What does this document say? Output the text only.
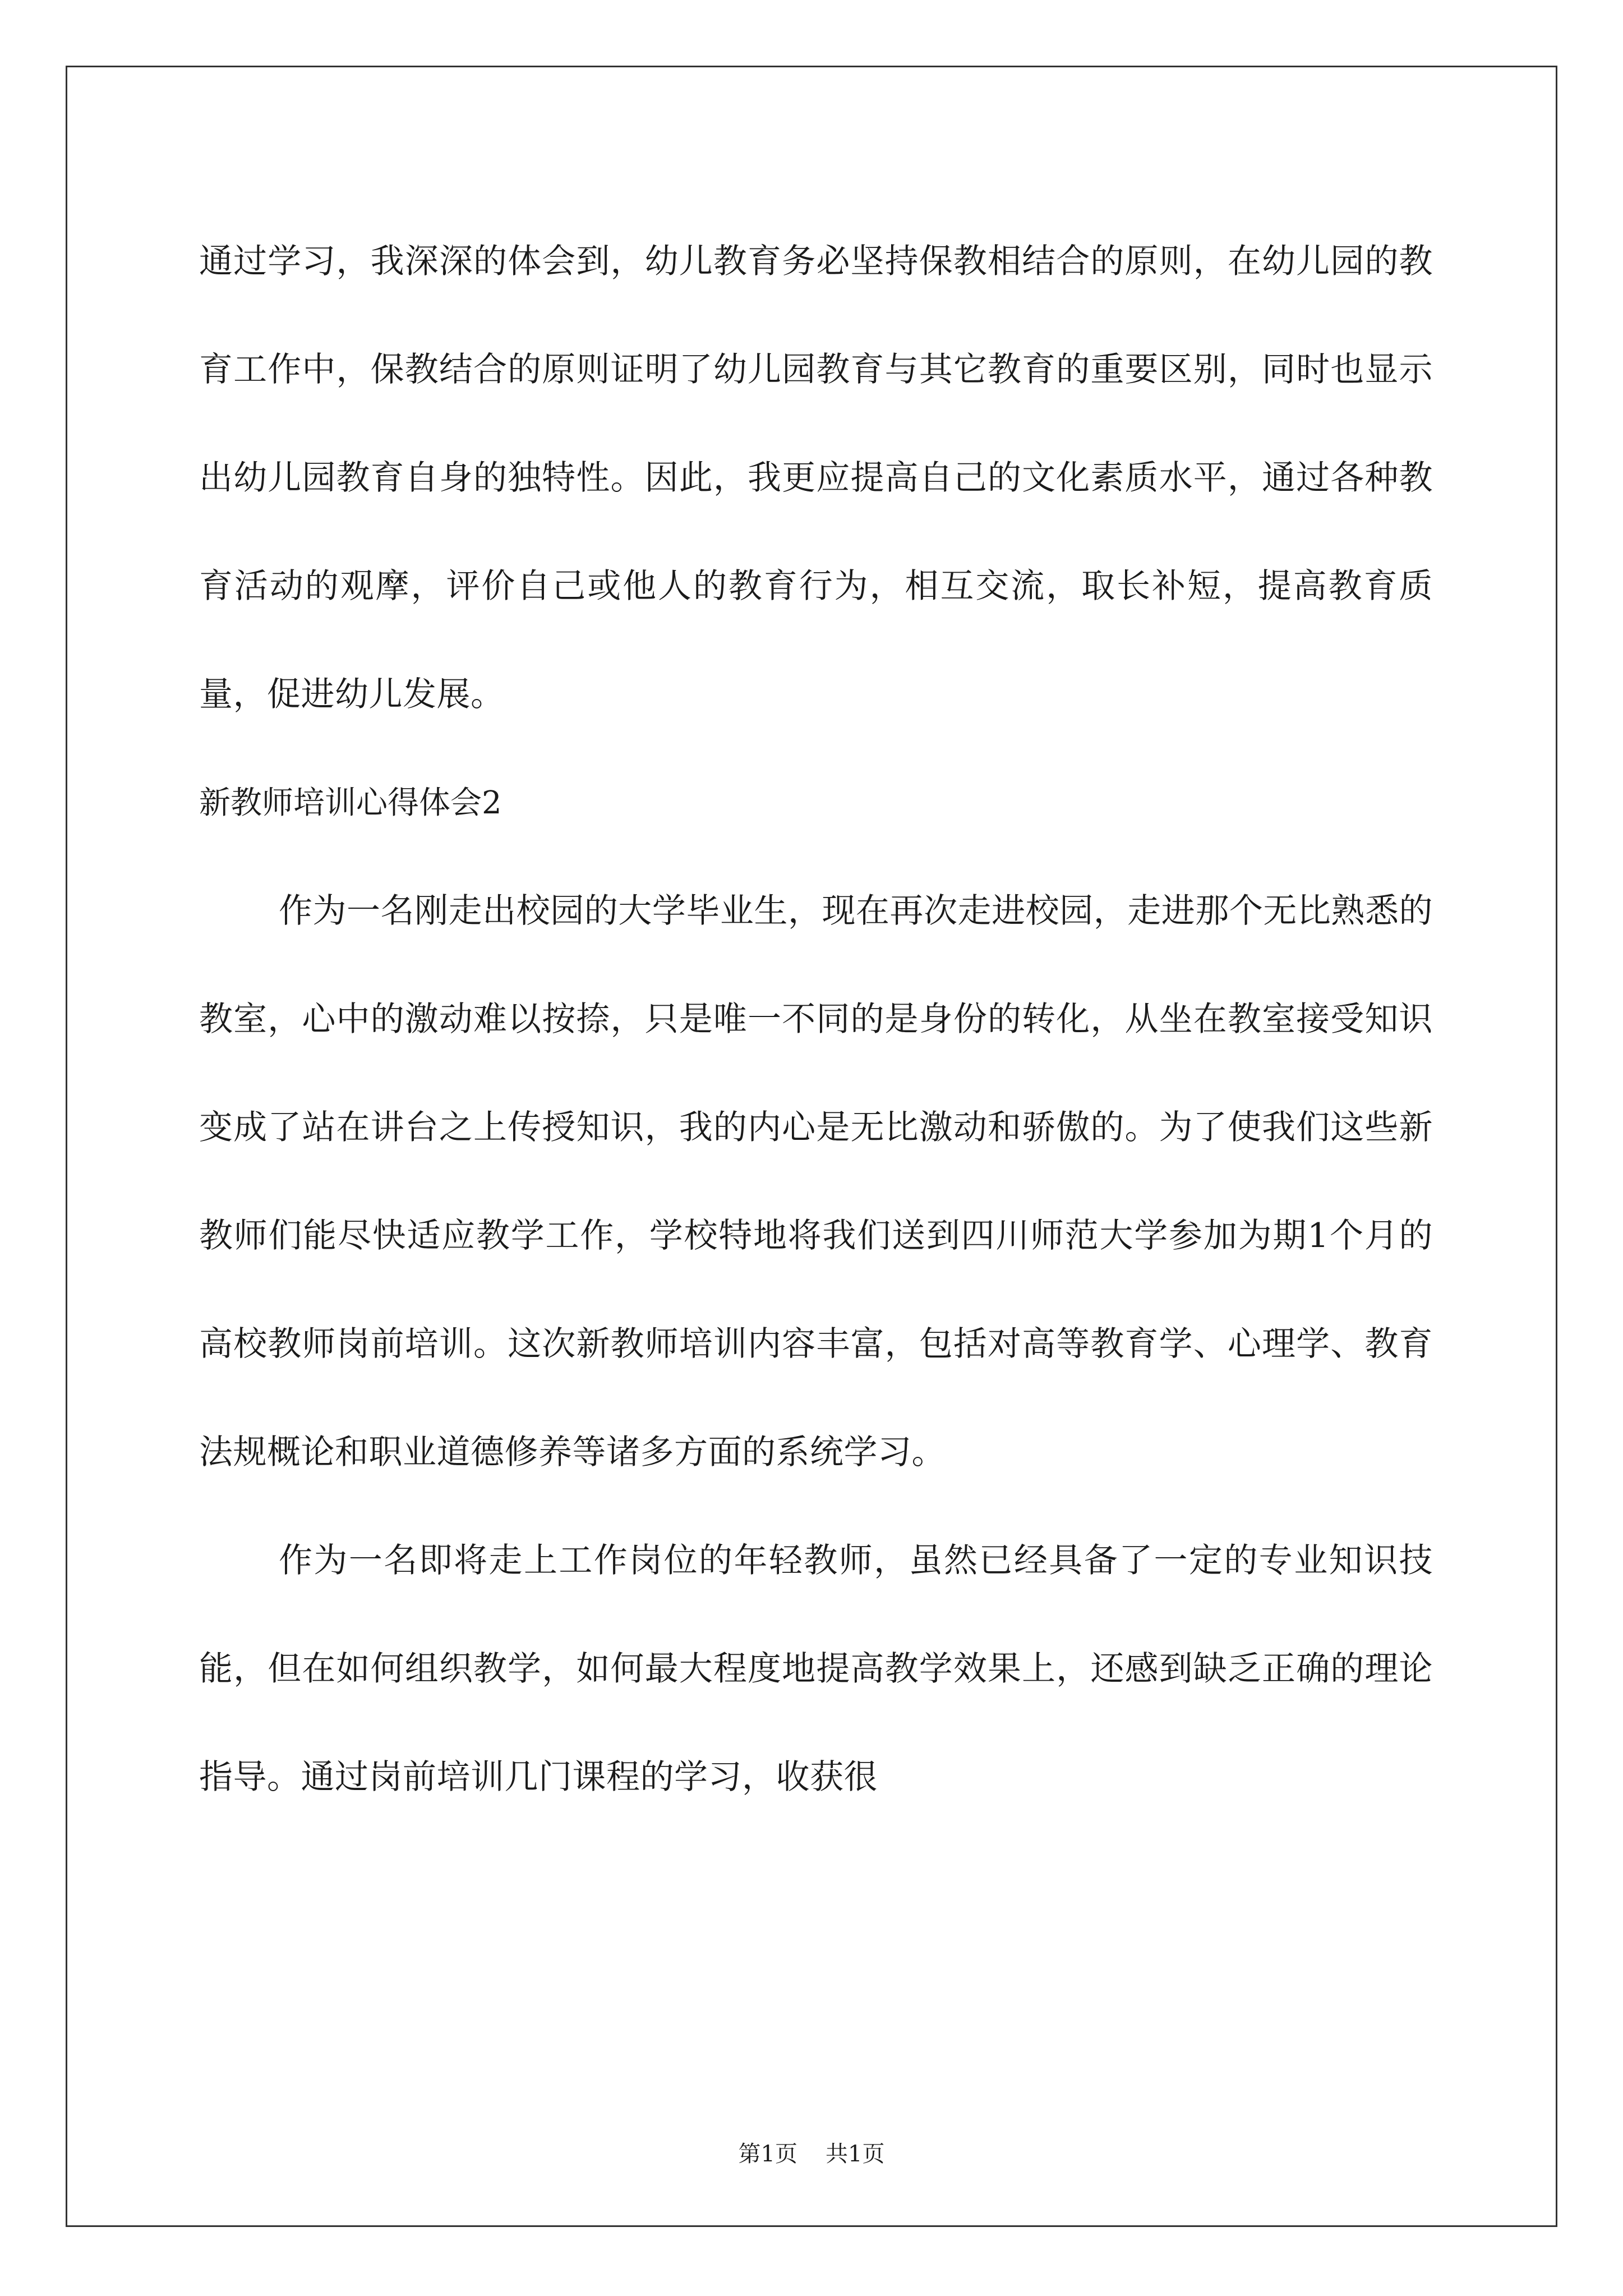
通过学习，我深深的体会到，幼儿教育务必坚持保教相结合的原则，在幼儿园的教育工作中，保教结合的原则证明了幼儿园教育与其它教育的重要区别，同时也显示出幼儿园教育自身的独特性。因此，我更应提高自己的文化素质水平，通过各种教育活动的观摩，评价自己或他人的教育行为，相互交流，取长补短，提高教育质量，促进幼儿发展。

新教师培训心得体会2

作为一名刚走出校园的大学毕业生，现在再次走进校园，走进那个无比熟悉的教室，心中的激动难以按捺，只是唯一不同的是身份的转化，从坐在教室接受知识变成了站在讲台之上传授知识，我的内心是无比激动和骄傲的。为了使我们这些新教师们能尽快适应教学工作，学校特地将我们送到四川师范大学参加为期1个月的高校教师岗前培训。这次新教师培训内容丰富，包括对高等教育学、心理学、教育法规概论和职业道德修养等诸多方面的系统学习。

作为一名即将走上工作岗位的年轻教师，虽然已经具备了一定的专业知识技能，但在如何组织教学，如何最大程度地提高教学效果上，还感到缺乏正确的理论指导。通过岗前培训几门课程的学习，收获很

第1页 共1页
